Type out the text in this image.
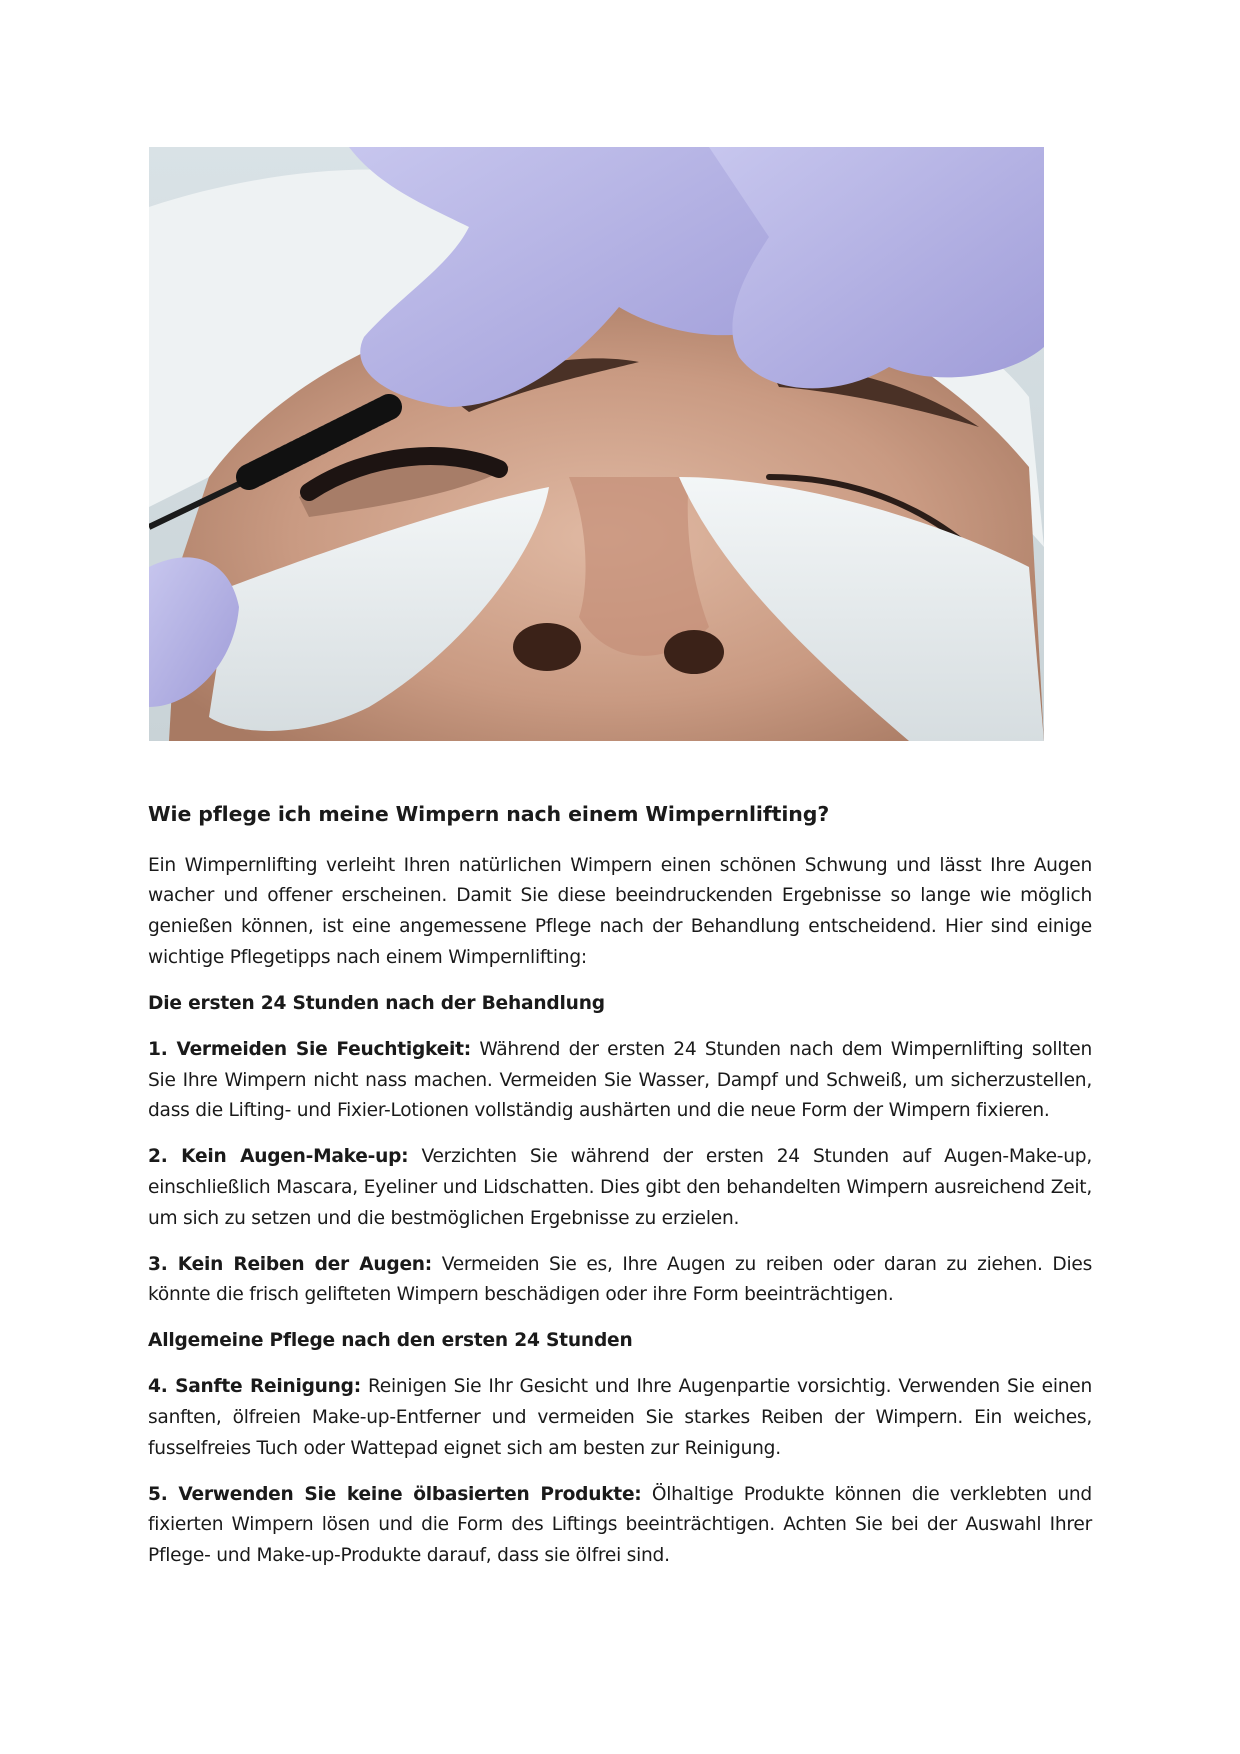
Wie pflege ich meine Wimpern nach einem Wimpernlifting?

Ein Wimpernlifting verleiht Ihren natürlichen Wimpern einen schönen Schwung und lässt Ihre Augen wacher und offener erscheinen. Damit Sie diese beeindruckenden Ergebnisse so lange wie möglich genießen können, ist eine angemessene Pflege nach der Behandlung entscheidend. Hier sind einige wichtige Pflegetipps nach einem Wimpernlifting:

Die ersten 24 Stunden nach der Behandlung

1. Vermeiden Sie Feuchtigkeit: Während der ersten 24 Stunden nach dem Wimpernlifting sollten Sie Ihre Wimpern nicht nass machen. Vermeiden Sie Wasser, Dampf und Schweiß, um sicherzustellen, dass die Lifting- und Fixier-Lotionen vollständig aushärten und die neue Form der Wimpern fixieren.

2. Kein Augen-Make-up: Verzichten Sie während der ersten 24 Stunden auf Augen-Make-up, einschließlich Mascara, Eyeliner und Lidschatten. Dies gibt den behandelten Wimpern ausreichend Zeit, um sich zu setzen und die bestmöglichen Ergebnisse zu erzielen.

3. Kein Reiben der Augen: Vermeiden Sie es, Ihre Augen zu reiben oder daran zu ziehen. Dies könnte die frisch gelifteten Wimpern beschädigen oder ihre Form beeinträchtigen.

Allgemeine Pflege nach den ersten 24 Stunden

4. Sanfte Reinigung: Reinigen Sie Ihr Gesicht und Ihre Augenpartie vorsichtig. Verwenden Sie einen sanften, ölfreien Make-up-Entferner und vermeiden Sie starkes Reiben der Wimpern. Ein weiches, fusselfreies Tuch oder Wattepad eignet sich am besten zur Reinigung.

5. Verwenden Sie keine ölbasierten Produkte: Ölhaltige Produkte können die verklebten und fixierten Wimpern lösen und die Form des Liftings beeinträchtigen. Achten Sie bei der Auswahl Ihrer Pflege- und Make-up-Produkte darauf, dass sie ölfrei sind.
